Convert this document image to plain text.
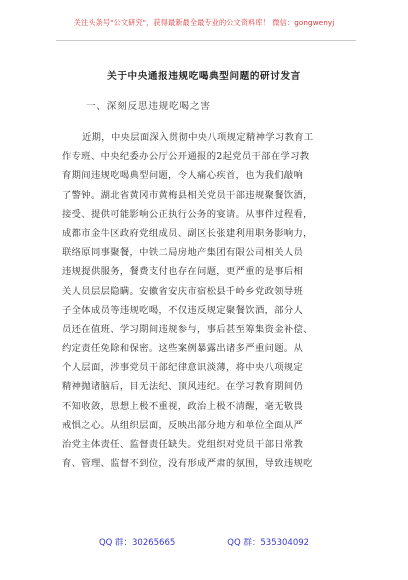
关注头条号"公文研究"，获得最新最全最专业的公文资料库！ 微信：gongwenyj
关于中央通报违规吃喝典型问题的研讨发言
一、深刻反思违规吃喝之害
近期，中央层面深入贯彻中央八项规定精神学习教育工
作专班、中央纪委办公厅公开通报的2起党员干部在学习教
育期间违规吃喝典型问题，令人痛心疾首，也为我们敲响
了警钟。湖北省黄冈市黄梅县相关党员干部违规聚餐饮酒，
接受、提供可能影响公正执行公务的宴请。从事件过程看，
成都市金牛区政府党组成员、副区长张建利用职务影响力，
联络原同事聚餐，中铁二局房地产集团有限公司相关人员
违规提供服务，餐费支付也存在问题，更严重的是事后相
关人员层层隐瞒。安徽省安庆市宿松县千岭乡党政领导班
子全体成员等违规吃喝，不仅违反规定聚餐饮酒，部分人
员还在值班、学习期间违规参与，事后甚至筹集资金补偿、
约定责任免除和保密。这些案例暴露出诸多严重问题。从
个人层面，涉事党员干部纪律意识淡薄，将中央八项规定
精神抛诸脑后，目无法纪、顶风违纪。在学习教育期间仍
不知收敛，思想上极不重视，政治上极不清醒，毫无敬畏
戒惧之心。从组织层面，反映出部分地方和单位全面从严
治党主体责任、监督责任缺失。党组织对党员干部日常教
育、管理、监督不到位，没有形成严肃的氛围，导致违规吃
QQ 群：30265665	QQ 群：535304092
